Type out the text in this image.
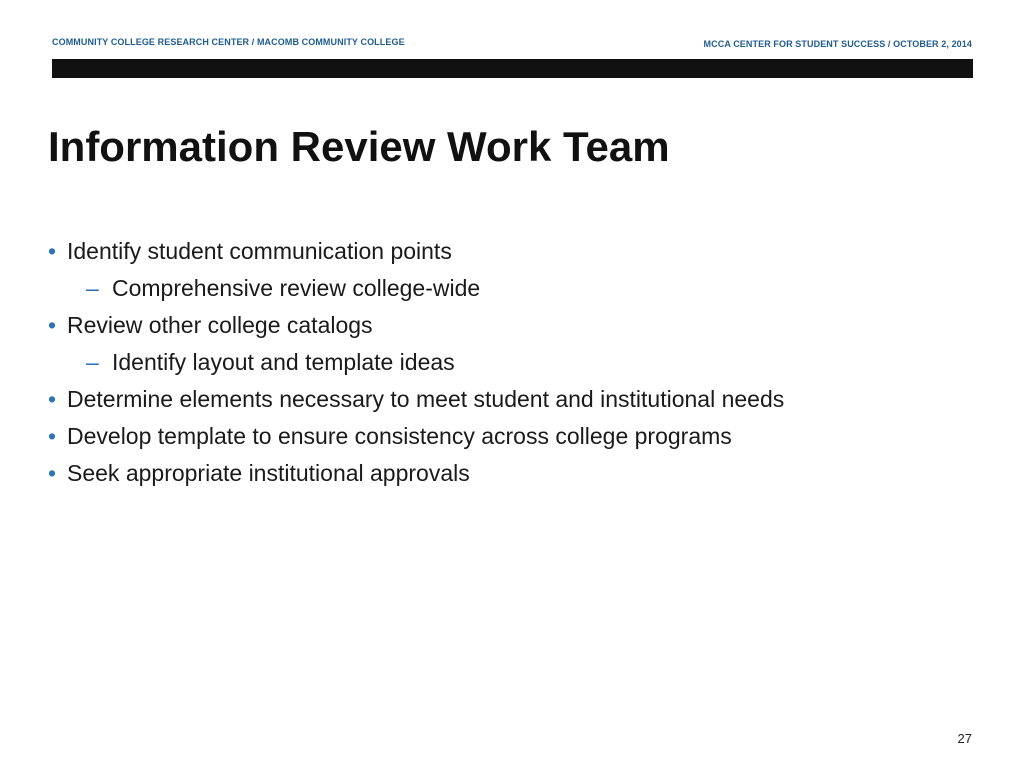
COMMUNITY COLLEGE RESEARCH CENTER / MACOMB COMMUNITY COLLEGE	MCCA CENTER FOR STUDENT SUCCESS / OCTOBER 2, 2014
Information Review Work Team
• Identify student communication points
– Comprehensive review college-wide
• Review other college catalogs
– Identify layout and template ideas
• Determine elements necessary to meet student and institutional needs
• Develop template to ensure consistency across college programs
• Seek appropriate institutional approvals
27
